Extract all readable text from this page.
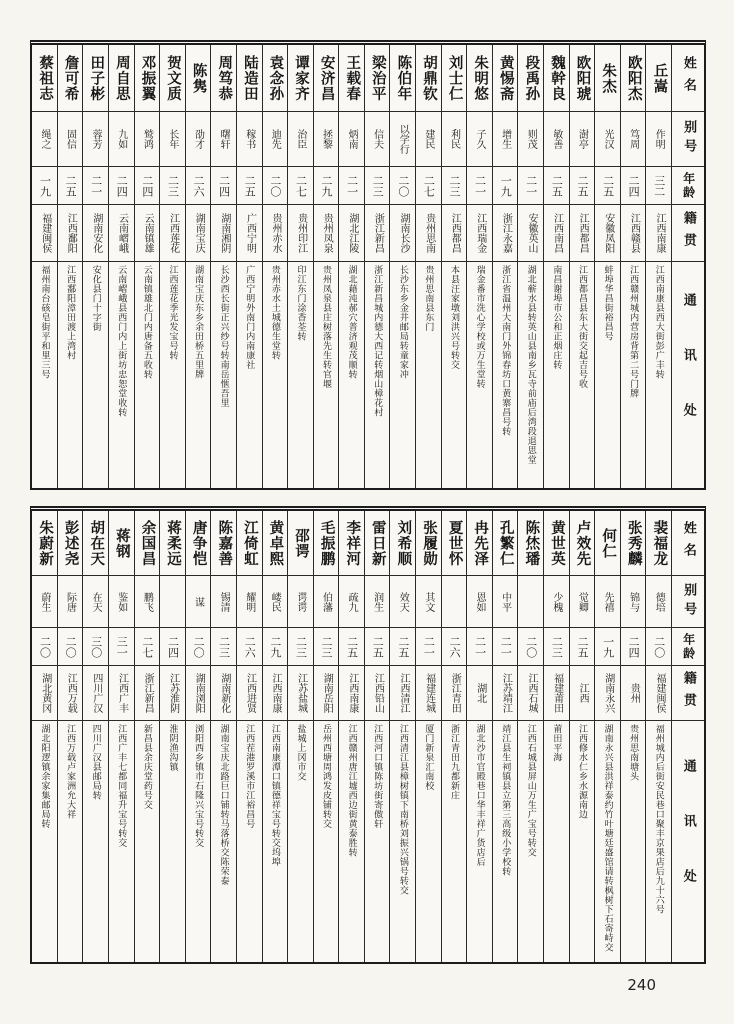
姓名
别号
年龄
籍贯
通讯处
丘嵩
作明
三二
江西南康
江西南康县西大街彭广丰转
欧阳杰
笃周
二四
江西赣县
江西赣州城内营房背第二号门牌
朱杰
光汉
二五
安徽凤阳
蚌埠华昌街裕昌号
欧阳琥
澍亭
二五
江西都昌
江西都昌县东大街交起吉号收
魏幹良
敏善
二五
江西南昌
南昌谢埠市公和正烟庄转
段禹孙
则茂
二一
安徽英山
湖北蕲水县转英山县南乡瓦寺前庙后湾段退思堂
黄惕斋
增生
一九
浙江永嘉
浙江省温州大南门外锦春坊口黄寨昌号转
朱明悠
子久
二一
江西瑞金
瑞金番市洗心学校或万生堂转
刘士仁
利民
二三
江西都昌
本县汪家墩刘洪兴号转交
胡鼎钦
建民
二七
贵州思南
贵州思南县东门
陈伯年
以学行
二〇
湖南长沙
长沙东乡金井邮局转童家冲
梁治平
信夫
二三
浙江新昌
浙江新昌城内德大西记转烟山樟花村
王载春
炳南
二一
湖北江陵
湖北藉沌郝穴普济观茂顺转
安济昌
拯黎
二九
贵州凤泉
贵州凤泉县庄树落先生转官堰
谭家齐
治臣
二七
贵州印江
印江东门涂香荃转
袁念孙
迪先
二〇
贵州赤水
贵州赤水土城德生堂转
陆造田
稼书
二五
广西宁明
广西宁明外南门内南康社
周笃恭
曙轩
二四
湖南湘阴
长沙西长街正兴纱号转南岳惬吾里
陈隽
劭才
二六
湖南宝庆
湖南宝庆东乡余田桥五里牌
贺文质
长年
二三
江西莲花
江西莲花季光发宝号转
邓振翼
鹫鸿
二四
云南镇雄
云南镇雄北门内唐备五收转
周自思
九如
二四
云南嶍峨
云南嶍峨县西门内上街坊忠恕堂收转
田子彬
蓉芳
二一
湖南安化
安化县门十字街
詹可希
固信
二五
江西鄱阳
江西鄱阳漳田渡上湾村
蔡祖志
绳之
一九
福建闽侯
福州南台硋皂街平和里三号
姓名
别号
年龄
籍贯
通讯处
裴福龙
德培
二〇
福建闽侯
福州城内后街安民巷口聚丰京果店后九十六号
张秀麟
锦与
二四
贵州
贵州思南塘头
何仁
先禧
一九
湖南永兴
湖南永兴县洪祥泰约竹叶塘廷盛馆请转枫树下石寄峙交
卢效先
觉卿
二五
江西
江西修水仁乡水源南边
黄世英
少槐
二三
福建莆田
莆田平海
陈烋璠
二〇
江西石城
江西石城县屏山万生广宝号转交
孔繁仁
中平
二一
江苏靖江
靖江县生祠镇县立第三高级小学校转
冉先泽
恩如
二一
湖北
湖北沙市官殿巷口华丰祥广货店后
夏世怀
二六
浙江青田
浙江青田九都新庄
张履勋
其文
二一
福建连城
厦门新泉汇南校
刘希顺
效天
二五
江西清江
江西清江县樟树镇下南桥刘振兴锅号转交
雷日新
润生
二五
江西铅山
江西河口镇陈坊街寄傲轩
李祥河
疏九
二五
江西南康
江西赣州唐江墟西边街黄泰胜转
毛振鹏
伯藩
二三
湖南岳阳
岳州西塘周鸿发皮铺转交
邵谔
谔谔
二三
江苏盐城
盐城上冈市交
黄卓熙
嵝民
二九
江西南康
江西南康潭口镇德祥宝号转交坞埠
江倚虹
耀明
二六
江西进贤
江西茬港罗溪市江裕昌号
陈嘉善
锡清
二三
湖南新化
湖南宝庆北路巨口铺转马落桥交陈荣泰
唐争恺
谋
二〇
湖南浏阳
浏阳西乡镇市石隆兴宝号转交
蒋柔远
二四
江苏淮阴
淮阴渔沟镇
余国昌
鹏飞
二七
浙江新昌
新昌县余庆堂药号交
蒋钢
鉴如
三一
江西广丰
江西广丰七都同福升宝号转交
胡在天
在天
三〇
四川广汉
四川广汉县邮局转
彭述尧
际唐
二〇
江西万载
江西万载卢家洲允大祥
朱蔚新
蔚生
二〇
湖北黄冈
湖北阳逻镇余家集邮局转
240
